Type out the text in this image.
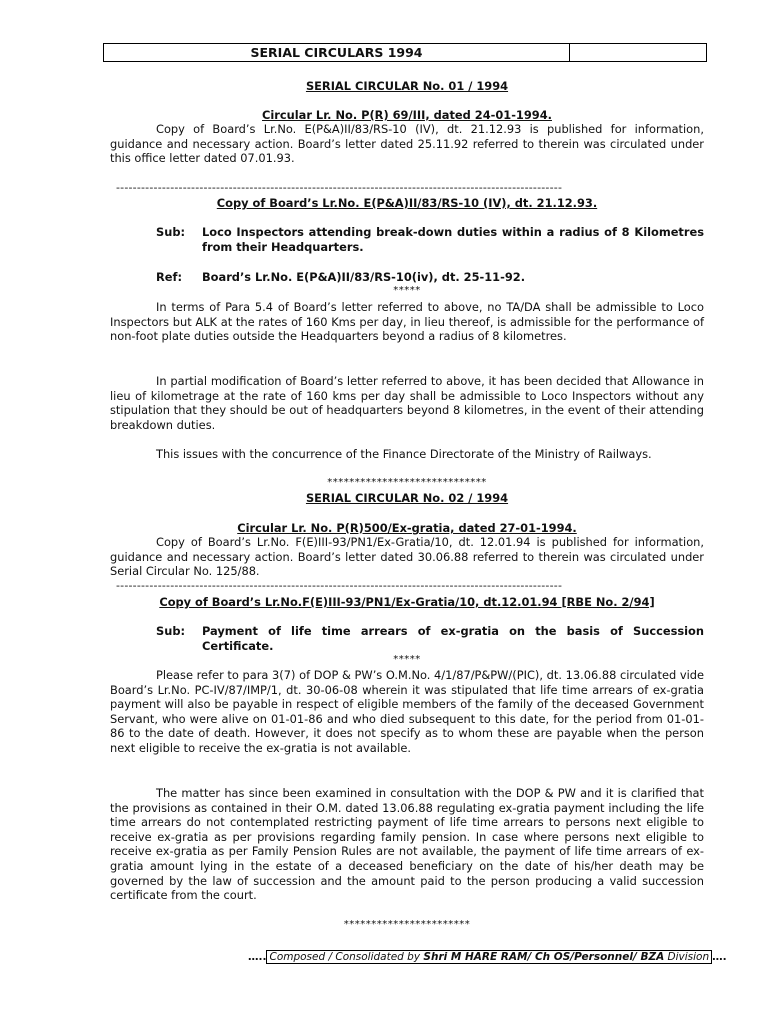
SERIAL CIRCULARS 1994
SERIAL CIRCULAR No. 01 / 1994
Circular Lr. No. P(R) 69/III, dated 24-01-1994.
Copy of Board’s Lr.No. E(P&A)II/83/RS-10 (IV), dt. 21.12.93 is published for information, guidance and necessary action. Board’s letter dated 25.11.92 referred to therein was circulated under this office letter dated 07.01.93.
-----------------------------------------------------------------------------------------------------------
Copy of Board’s Lr.No. E(P&A)II/83/RS-10 (IV), dt. 21.12.93.
Sub:	Loco Inspectors attending break-down duties within a radius of 8 Kilometres from their Headquarters.
Ref:	Board’s Lr.No. E(P&A)II/83/RS-10(iv), dt. 25-11-92.
*****
In terms of Para 5.4 of Board’s letter referred to above, no TA/DA shall be admissible to Loco Inspectors but ALK at the rates of 160 Kms per day, in lieu thereof, is admissible for the performance of non-foot plate duties outside the Headquarters beyond a radius of 8 kilometres.
In partial modification of Board’s letter referred to above, it has been decided that Allowance in lieu of kilometrage at the rate of 160 kms per day shall be admissible to Loco Inspectors without any stipulation that they should be out of headquarters beyond 8 kilometres, in the event of their attending breakdown duties.
This issues with the concurrence of the Finance Directorate of the Ministry of Railways.
*****************************
SERIAL CIRCULAR No. 02 / 1994
Circular Lr. No. P(R)500/Ex-gratia, dated 27-01-1994.
Copy of Board’s Lr.No. F(E)III-93/PN1/Ex-Gratia/10, dt. 12.01.94 is published for information, guidance and necessary action. Board’s letter dated 30.06.88 referred to therein was circulated under Serial Circular No. 125/88.
-----------------------------------------------------------------------------------------------------------
Copy of Board’s Lr.No.F(E)III-93/PN1/Ex-Gratia/10, dt.12.01.94 [RBE No. 2/94]
Sub:	Payment of life time arrears of ex-gratia on the basis of Succession Certificate.
*****
Please refer to para 3(7) of DOP & PW’s O.M.No. 4/1/87/P&PW/(PIC), dt. 13.06.88 circulated vide Board’s Lr.No. PC-IV/87/IMP/1, dt. 30-06-08 wherein it was stipulated that life time arrears of ex-gratia payment will also be payable in respect of eligible members of the family of the deceased Government Servant, who were alive on 01-01-86 and who died subsequent to this date, for the period from 01-01-86 to the date of death. However, it does not specify as to whom these are payable when the person next eligible to receive the ex-gratia is not available.
The matter has since been examined in consultation with the DOP & PW and it is clarified that the provisions as contained in their O.M. dated 13.06.88 regulating ex-gratia payment including the life time arrears do not contemplated restricting payment of life time arrears to persons next eligible to receive ex-gratia as per provisions regarding family pension. In case where persons next eligible to receive ex-gratia as per Family Pension Rules are not available, the payment of life time arrears of ex-gratia amount lying in the estate of a deceased beneficiary on the date of his/her death may be governed by the law of succession and the amount paid to the person producing a valid succession certificate from the court.
***********************
….. Composed / Consolidated by Shri M HARE RAM/ Ch OS/Personnel/ BZA Division ….
